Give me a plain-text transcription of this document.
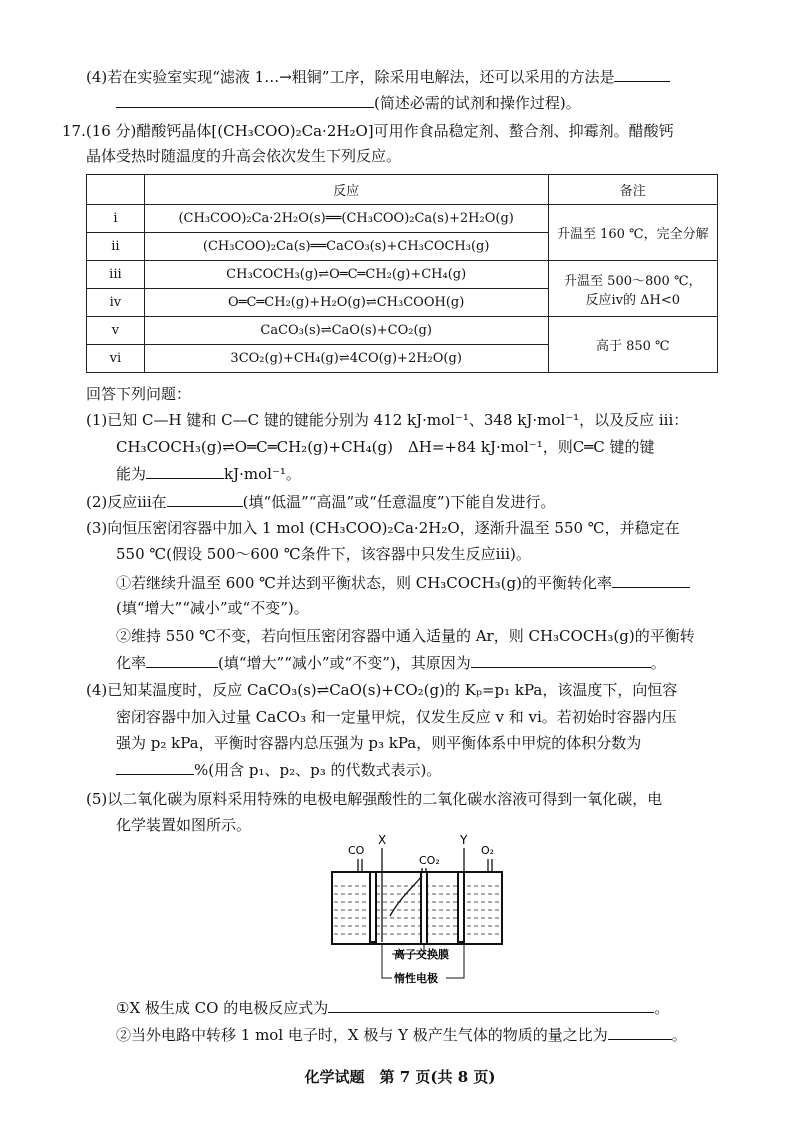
(4)若在实验室实现“滤液 1…→粗铜”工序，除采用电解法，还可以采用的方法是
(简述必需的试剂和操作过程)。
17.(16 分)醋酸钙晶体[(CH₃COO)₂Ca·2H₂O]可用作食品稳定剂、螯合剂、抑霉剂。醋酸钙
晶体受热时随温度的升高会依次发生下列反应。
	反应	备注
i	(CH₃COO)₂Ca·2H₂O(s)══(CH₃COO)₂Ca(s)+2H₂O(g)	升温至 160 ℃，完全分解
ii	(CH₃COO)₂Ca(s)══CaCO₃(s)+CH₃COCH₃(g)	
iii	CH₃COCH₃(g)⇌O═C═CH₂(g)+CH₄(g)	升温至 500～800 ℃，
反应iv的 ΔH<0

iv	O═C═CH₂(g)+H₂O(g)⇌CH₃COOH(g)	
v	CaCO₃(s)⇌CaO(s)+CO₂(g)	高于 850 ℃
vi	3CO₂(g)+CH₄(g)⇌4CO(g)+2H₂O(g)	
回答下列问题：
(1)已知 C—H 键和 C—C 键的键能分别为 412 kJ·mol⁻¹、348 kJ·mol⁻¹，以及反应 iii：
CH₃COCH₃(g)⇌O═C═CH₂(g)+CH₄(g)　ΔH=+84 kJ·mol⁻¹，则C═C 键的键
能为	kJ·mol⁻¹。
(2)反应iii在	(填“低温”“高温”或“任意温度”)下能自发进行。
(3)向恒压密闭容器中加入 1 mol (CH₃COO)₂Ca·2H₂O，逐渐升温至 550 ℃，并稳定在
550 ℃(假设 500～600 ℃条件下，该容器中只发生反应iii)。
①若继续升温至 600 ℃并达到平衡状态，则 CH₃COCH₃(g)的平衡转化率
(填“增大”“减小”或“不变”)。
②维持 550 ℃不变，若向恒压密闭容器中通入适量的 Ar，则 CH₃COCH₃(g)的平衡转
化率	(填“增大”“减小”或“不变”)，其原因为	。
(4)已知某温度时，反应 CaCO₃(s)⇌CaO(s)+CO₂(g)的 Kₚ=p₁ kPa，该温度下，向恒容
密闭容器中加入过量 CaCO₃ 和一定量甲烷，仅发生反应 v 和 vi。若初始时容器内压
强为 p₂ kPa，平衡时容器内总压强为 p₃ kPa，则平衡体系中甲烷的体积分数为
%(用含 p₁、p₂、p₃ 的代数式表示)。
(5)以二氧化碳为原料采用特殊的电极电解强酸性的二氧化碳水溶液可得到一氧化碳，电
化学装置如图所示。
CO
X
CO₂
Y
O₂
离子交换膜
惰性电极
①X 极生成 CO 的电极反应式为	。
②当外电路中转移 1 mol 电子时，X 极与 Y 极产生气体的物质的量之比为	。
化学试题　第 7 页(共 8 页)
